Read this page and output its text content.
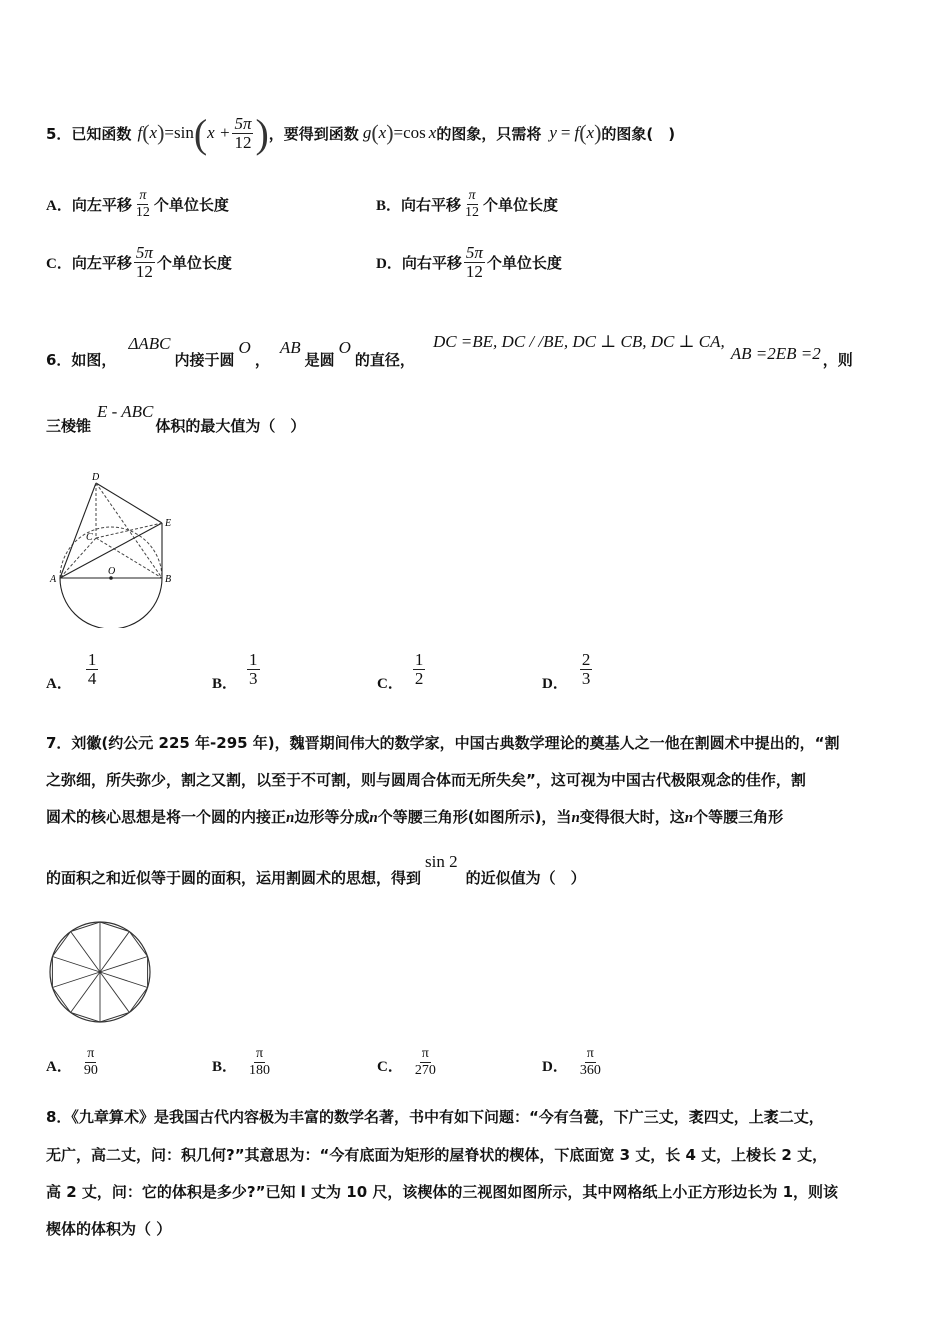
5．已知函数 f ( x ) =sin ( $x + \frac{5\pi}{12}$ ) ，要得到函数 g ( x ) =cos x 的图象，只需将 y = f ( x ) 的图象(　)
A． 向左平移 $\frac{\pi}{12}$ 个单位长度	B． 向右平移 $\frac{\pi}{12}$ 个单位长度
C． 向左平移 $\frac{5\pi}{12}$ 个单位长度	D． 向右平移 $\frac{5\pi}{12}$ 个单位长度
6．如图，
ΔABC
内接于圆
O
，
AB
是圆
O
的直径，
DC =BE, DC / /BE, DC ⊥ CB, DC ⊥ CA,
AB =2EB =2 ，则
三棱锥
E - ABC
体积的最大值为（　）
D
E
C
A
O
B
A． $\frac{1}{4}$	B． $\frac{1}{3}$	C． $\frac{1}{2}$	D． $\frac{2}{3}$
7．刘徽(约公元 225 年-295 年)，魏晋期间伟大的数学家，中国古典数学理论的奠基人之一他在割圆术中提出的，“割
之弥细，所失弥少，割之又割，以至于不可割，则与圆周合体而无所失矣”，这可视为中国古代极限观念的佳作，割
圆术的核心思想是将一个圆的内接正n边形等分成n个等腰三角形(如图所示)，当n变得很大时，这n个等腰三角形
的面积之和近似等于圆的面积，运用割圆术的思想，得到
sin 2
的近似值为（　）
A． $\frac{\pi}{90}$	B． $\frac{\pi}{180}$	C． $\frac{\pi}{270}$	D． $\frac{\pi}{360}$
8．《九章算术》是我国古代内容极为丰富的数学名著，书中有如下问题：“今有刍甍，下广三丈，袤四丈，上袤二丈，
无广，高二丈，问：积几何?”其意思为：“今有底面为矩形的屋脊状的楔体，下底面宽 3 丈，长 4 丈，上棱长 2 丈，
高 2 丈，问：它的体积是多少?”已知 l 丈为 10 尺，该楔体的三视图如图所示，其中网格纸上小正方形边长为 1，则该
楔体的体积为（ ）
